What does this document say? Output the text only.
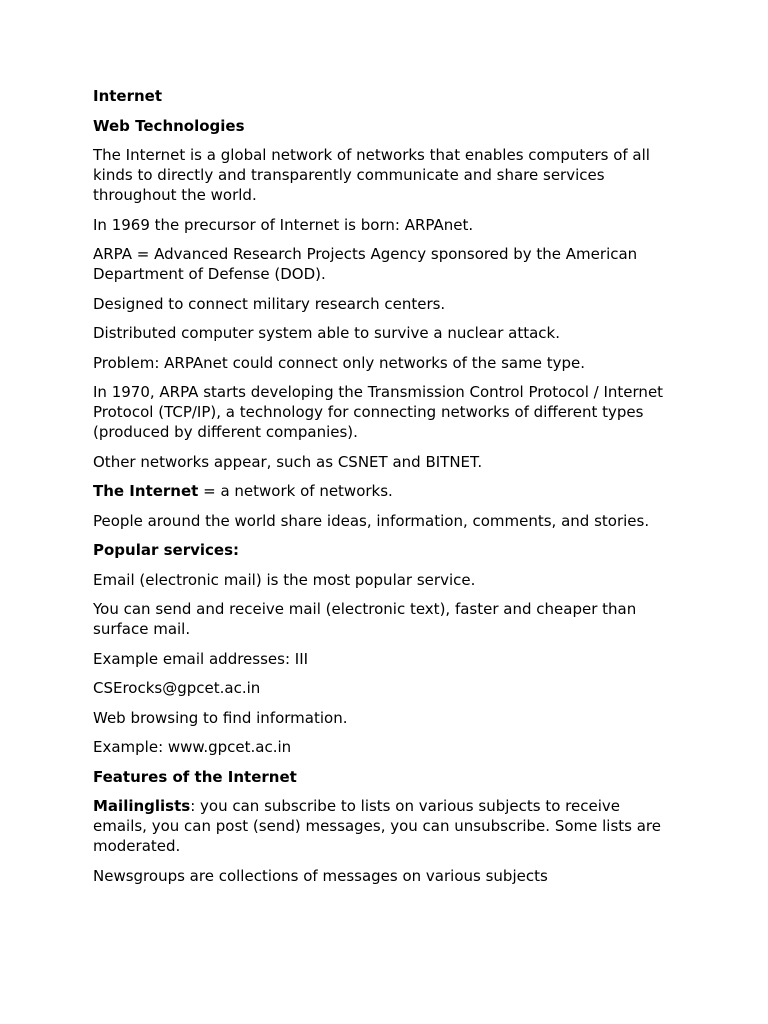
Internet
Web Technologies
The Internet is a global network of networks that enables computers of all kinds to directly and transparently communicate and share services throughout the world.
In 1969 the precursor of Internet is born: ARPAnet.
ARPA = Advanced Research Projects Agency sponsored by the American Department of Defense (DOD).
Designed to connect military research centers.
Distributed computer system able to survive a nuclear attack.
Problem: ARPAnet could connect only networks of the same type.
In 1970, ARPA starts developing the Transmission Control Protocol / Internet Protocol (TCP/IP), a technology for connecting networks of different types (produced by different companies).
Other networks appear, such as CSNET and BITNET.
The Internet = a network of networks.
People around the world share ideas, information, comments, and stories.
Popular services:
Email (electronic mail) is the most popular service.
You can send and receive mail (electronic text), faster and cheaper than surface mail.
Example email addresses: III
CSErocks@gpcet.ac.in
Web browsing to find information.
Example: www.gpcet.ac.in
Features of the Internet
Mailinglists: you can subscribe to lists on various subjects to receive emails, you can post (send) messages, you can unsubscribe. Some lists are moderated.
Newsgroups are collections of messages on various subjects
